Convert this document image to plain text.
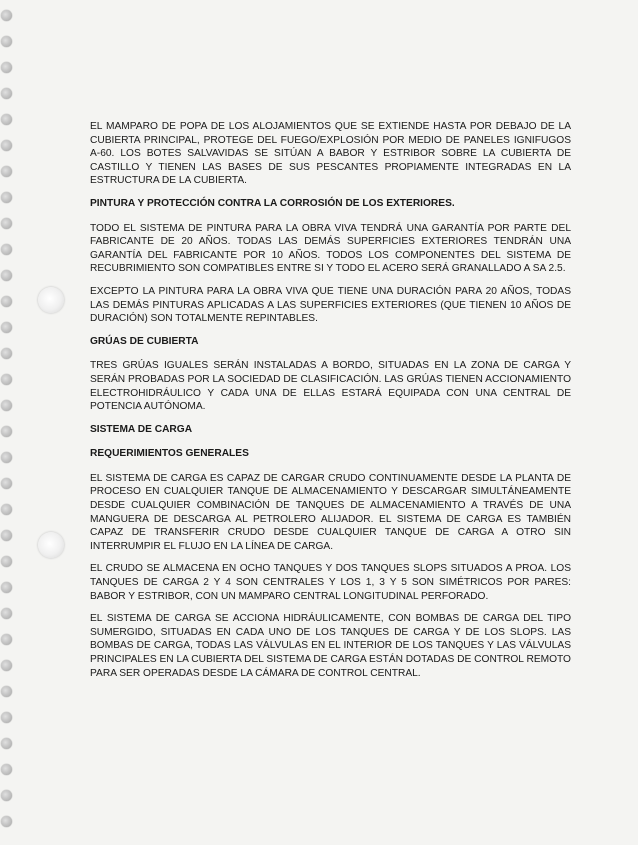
EL MAMPARO DE POPA DE LOS ALOJAMIENTOS QUE SE EXTIENDE HASTA POR DEBAJO DE LA CUBIERTA PRINCIPAL, PROTEGE DEL FUEGO/EXPLOSIÓN POR MEDIO DE PANELES IGNIFUGOS A-60. LOS BOTES SALVAVIDAS SE SITÚAN A BABOR Y ESTRIBOR SOBRE LA CUBIERTA DE CASTILLO Y TIENEN LAS BASES DE SUS PESCANTES PROPIAMENTE INTEGRADAS EN LA ESTRUCTURA DE LA CUBIERTA.

PINTURA Y PROTECCIÓN CONTRA LA CORROSIÓN DE LOS EXTERIORES.

TODO EL SISTEMA DE PINTURA PARA LA OBRA VIVA TENDRÁ UNA GARANTÍA POR PARTE DEL FABRICANTE DE 20 AÑOS. TODAS LAS DEMÁS SUPERFICIES EXTERIORES TENDRÁN UNA GARANTÍA DEL FABRICANTE POR 10 AÑOS. TODOS LOS COMPONENTES DEL SISTEMA DE RECUBRIMIENTO SON COMPATIBLES ENTRE SI Y TODO EL ACERO SERÁ GRANALLADO A SA 2.5.

EXCEPTO LA PINTURA PARA LA OBRA VIVA QUE TIENE UNA DURACIÓN PARA 20 AÑOS, TODAS LAS DEMÁS PINTURAS APLICADAS A LAS SUPERFICIES EXTERIORES (QUE TIENEN 10 AÑOS DE DURACIÓN) SON TOTALMENTE REPINTABLES.

GRÚAS DE CUBIERTA

TRES GRÚAS IGUALES SERÁN INSTALADAS A BORDO, SITUADAS EN LA ZONA DE CARGA Y SERÁN PROBADAS POR LA SOCIEDAD DE CLASIFICACIÓN. LAS GRÚAS TIENEN ACCIONAMIENTO ELECTROHIDRÁULICO Y CADA UNA DE ELLAS ESTARÁ EQUIPADA CON UNA CENTRAL DE POTENCIA AUTÓNOMA.

SISTEMA DE CARGA
REQUERIMIENTOS GENERALES

EL SISTEMA DE CARGA ES CAPAZ DE CARGAR CRUDO CONTINUAMENTE DESDE LA PLANTA DE PROCESO EN CUALQUIER TANQUE DE ALMACENAMIENTO Y DESCARGAR SIMULTÁNEAMENTE DESDE CUALQUIER COMBINACIÓN DE TANQUES DE ALMACENAMIENTO A TRAVÉS DE UNA MANGUERA DE DESCARGA AL PETROLERO ALIJADOR. EL SISTEMA DE CARGA ES TAMBIÉN CAPAZ DE TRANSFERIR CRUDO DESDE CUALQUIER TANQUE DE CARGA A OTRO SIN INTERRUMPIR EL FLUJO EN LA LÍNEA DE CARGA.

EL CRUDO SE ALMACENA EN OCHO TANQUES Y DOS TANQUES SLOPS SITUADOS A PROA. LOS TANQUES DE CARGA 2 Y 4 SON CENTRALES Y LOS 1, 3 Y 5 SON SIMÉTRICOS POR PARES: BABOR Y ESTRIBOR, CON UN MAMPARO CENTRAL LONGITUDINAL PERFORADO.

EL SISTEMA DE CARGA SE ACCIONA HIDRÁULICAMENTE, CON BOMBAS DE CARGA DEL TIPO SUMERGIDO, SITUADAS EN CADA UNO DE LOS TANQUES DE CARGA Y DE LOS SLOPS. LAS BOMBAS DE CARGA, TODAS LAS VÁLVULAS EN EL INTERIOR DE LOS TANQUES Y LAS VÁLVULAS PRINCIPALES EN LA CUBIERTA DEL SISTEMA DE CARGA ESTÁN DOTADAS DE CONTROL REMOTO PARA SER OPERADAS DESDE LA CÁMARA DE CONTROL CENTRAL.
